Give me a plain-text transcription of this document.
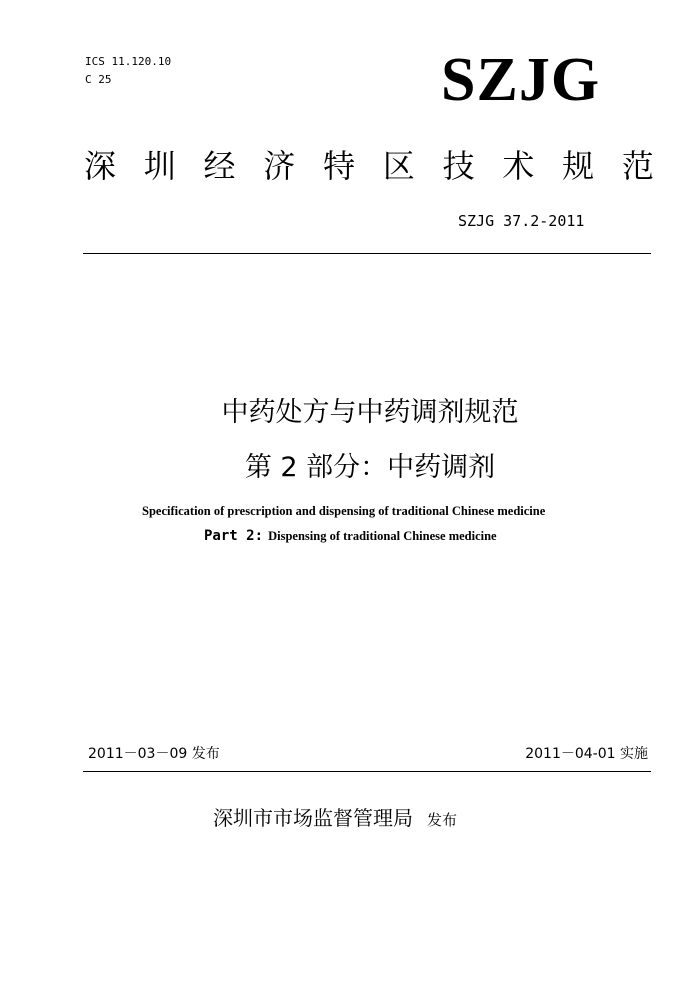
ICS 11.120.10
C 25	SZJG
深 圳 经 济 特 区 技 术 规 范
SZJG 37.2-2011
中药处方与中药调剂规范
第 2 部分：中药调剂
Specification of prescription and dispensing of traditional Chinese medicine
Part 2: Dispensing of traditional Chinese medicine
2011－03－09 发布	2011－04-01 实施
深圳市市场监督管理局 发布
